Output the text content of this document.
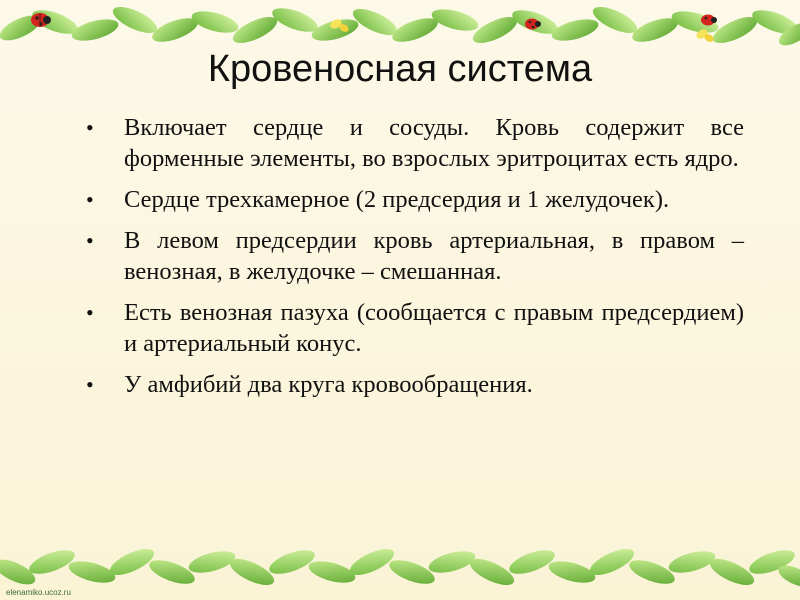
Кровеносная система
•	Включает сердце и сосуды. Кровь содержит все форменные элементы, во взрослых эритроцитах есть ядро.
•	Сердце трехкамерное (2 предсердия и 1 желудочек).
•	В левом предсердии кровь артериальная, в правом – венозная, в желудочке – смешанная.
•	Есть венозная пазуха (сообщается с правым предсердием) и артериальный конус.
•	У амфибий два круга кровообращения.
elenamiko.ucoz.ru
